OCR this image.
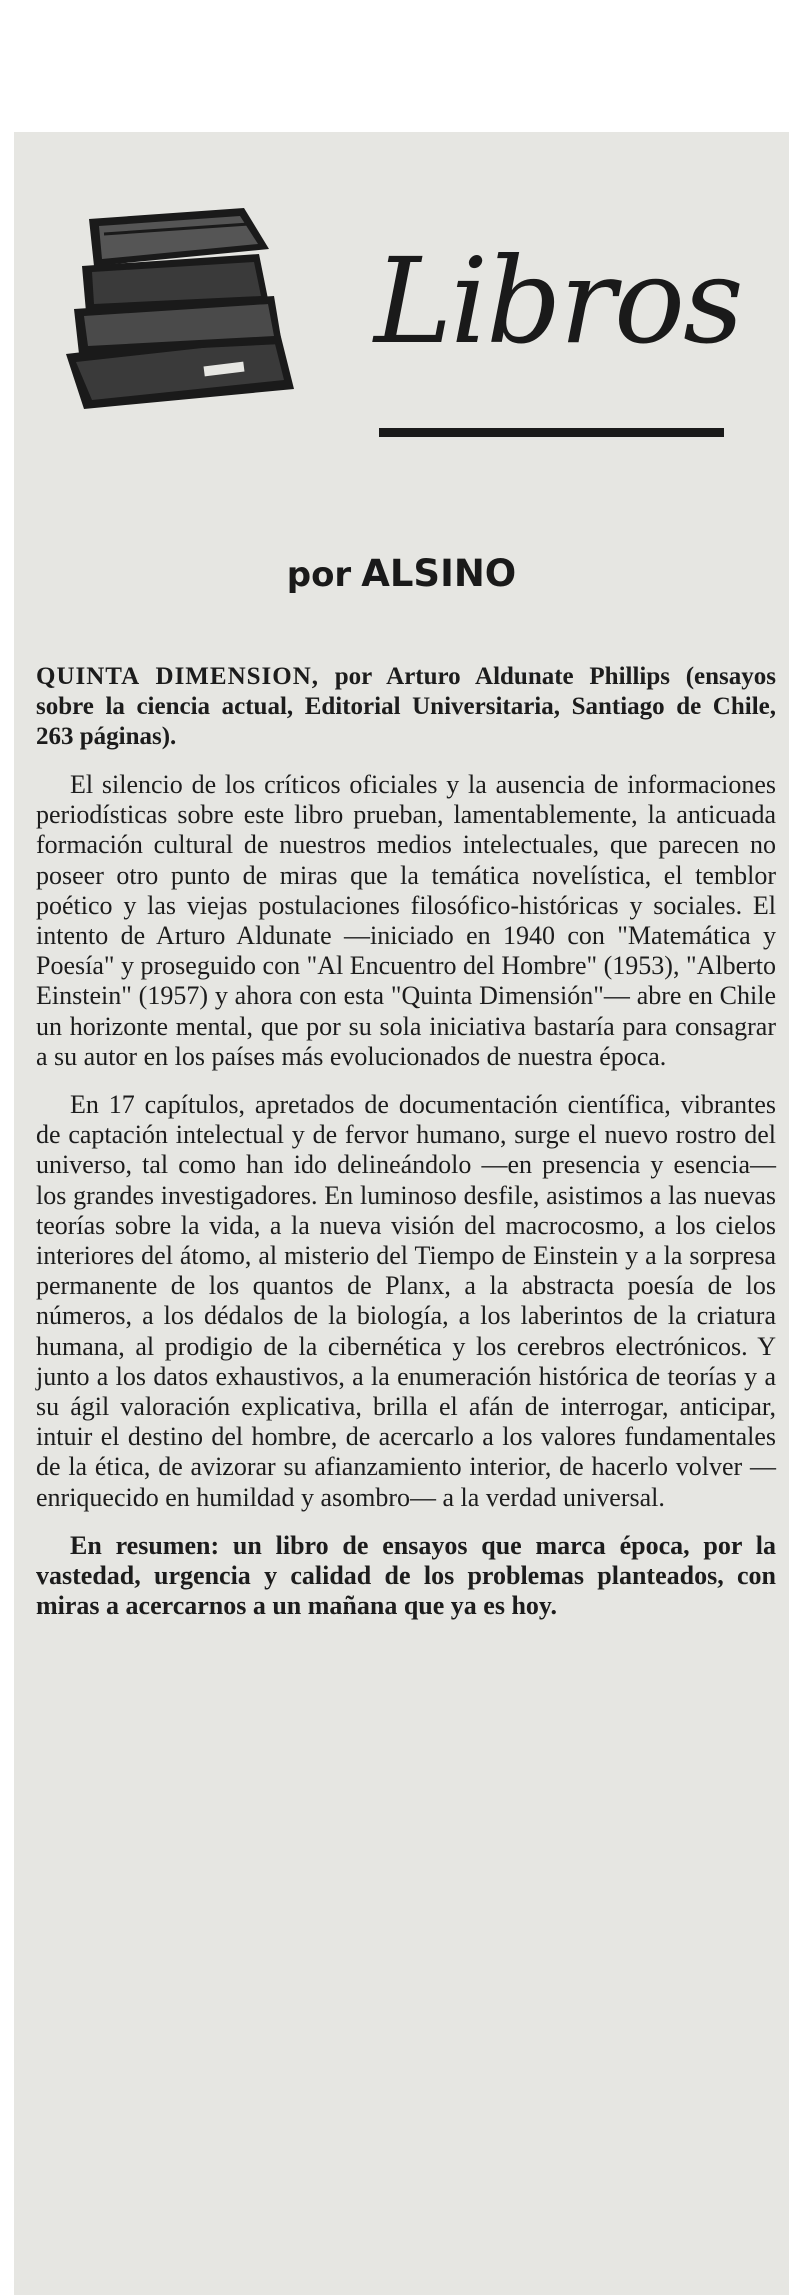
Libros
por ALSINO

QUINTA DIMENSION, por Arturo Aldunate Phillips (ensayos sobre la ciencia actual, Editorial Universitaria, Santiago de Chile, 263 páginas).

El silencio de los críticos oficiales y la ausencia de informaciones periodísticas sobre este libro prueban, lamentablemente, la anticuada formación cultural de nuestros medios intelectuales, que parecen no poseer otro punto de miras que la temática novelística, el temblor poético y las viejas postulaciones filosófico-históricas y sociales. El intento de Arturo Aldunate —iniciado en 1940 con "Matemática y Poesía" y proseguido con "Al Encuentro del Hombre" (1953), "Alberto Einstein" (1957) y ahora con esta "Quinta Dimensión"— abre en Chile un horizonte mental, que por su sola iniciativa bastaría para consagrar a su autor en los países más evolucionados de nuestra época.

En 17 capítulos, apretados de documentación científica, vibrantes de captación intelectual y de fervor humano, surge el nuevo rostro del universo, tal como han ido delineándolo —en presencia y esencia— los grandes investigadores. En luminoso desfile, asistimos a las nuevas teorías sobre la vida, a la nueva visión del macrocosmo, a los cielos interiores del átomo, al misterio del Tiempo de Einstein y a la sorpresa permanente de los quantos de Planx, a la abstracta poesía de los números, a los dédalos de la biología, a los laberintos de la criatura humana, al prodigio de la cibernética y los cerebros electrónicos. Y junto a los datos exhaustivos, a la enumeración histórica de teorías y a su ágil valoración explicativa, brilla el afán de interrogar, anticipar, intuir el destino del hombre, de acercarlo a los valores fundamentales de la ética, de avizorar su afianzamiento interior, de hacerlo volver —enriquecido en humildad y asombro— a la verdad universal.

En resumen: un libro de ensayos que marca época, por la vastedad, urgencia y calidad de los problemas planteados, con miras a acercarnos a un mañana que ya es hoy.
